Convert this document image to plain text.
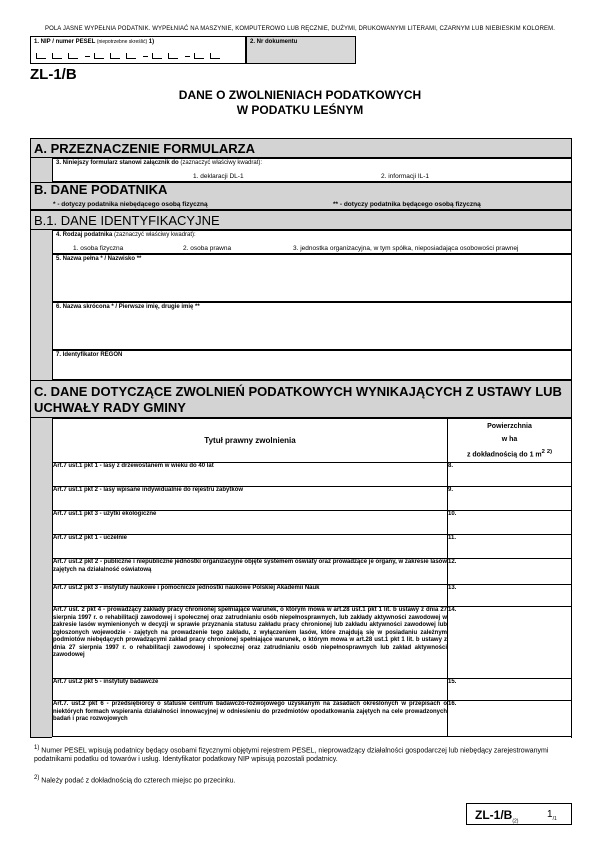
POLA JASNE WYPEŁNIA PODATNIK. WYPEŁNIAĆ NA MASZYNIE, KOMPUTEROWO LUB RĘCZNIE, DUŻYMI, DRUKOWANYMI LITERAMI, CZARNYM LUB NIEBIESKIM KOLOREM.
1. NIP / numer PESEL (niepotrzebne skreślić) 1)	2. Nr dokumentu
ZL-1/B
DANE O ZWOLNIENIACH PODATKOWYCH
W PODATKU LEŚNYM
A. PRZEZNACZENIE FORMULARZA
3. Niniejszy formularz stanowi załącznik do (zaznaczyć właściwy kwadrat):
1. deklaracji DL-1	2. informacji IL-1
B. DANE PODATNIKA
* - dotyczy podatnika niebędącego osobą fizyczną	** - dotyczy podatnika będącego osobą fizyczną
B.1. DANE IDENTYFIKACYJNE
4. Rodzaj podatnika (zaznaczyć właściwy kwadrat):
1. osoba fizyczna	2. osoba prawna	3. jednostka organizacyjna, w tym spółka, nieposiadająca osobowości prawnej
5. Nazwa pełna * / Nazwisko **
6. Nazwa skrócona * / Pierwsze imię, drugie imię **
7. Identyfikator REGON
C. DANE DOTYCZĄCE ZWOLNIEŃ PODATKOWYCH WYNIKAJĄCYCH Z USTAWY LUB
UCHWAŁY RADY GMINY
Tytuł prawny zwolnienia	Powierzchnia
w ha
z dokładnością do 1 $m^2$ $^{2)}$

Art.7 ust.1 pkt 1 - lasy z drzewostanem w wieku do 40 lat	8.
Art.7 ust.1 pkt 2 - lasy wpisane indywidualnie do rejestru zabytków	9.
Art.7 ust.1 pkt 3 - użytki ekologiczne	10.
Art.7 ust.2 pkt 1 - uczelnie	11.
Art.7 ust.2 pkt 2 - publiczne i niepubliczne jednostki organizacyjne objęte systemem oświaty oraz prowadzące je organy, w zakresie lasów zajętych na działalność oświatową	12.
Art.7 ust.2 pkt 3 - instytuty naukowe i pomocnicze jednostki naukowe Polskiej Akademii Nauk	13.
Art.7 ust. 2 pkt 4 - prowadzący zakłady pracy chronionej spełniające warunek, o którym mowa w art.28 ust.1 pkt 1 lit. b ustawy z dnia 27 sierpnia 1997 r. o rehabilitacji zawodowej i społecznej oraz zatrudnianiu osób niepełnosprawnych, lub zakłady aktywności zawodowej w zakresie lasów wymienionych w decyzji w sprawie przyznania statusu zakładu pracy chronionej lub zakładu aktywności zawodowej lub zgłoszonych wojewodzie - zajętych na prowadzenie tego zakładu, z wyłączeniem lasów, które znajdują się w posiadaniu zależnym podmiotów niebędących prowadzącymi zakład pracy chronionej spełniające warunek, o którym mowa w art.28 ust.1 pkt 1 lit. b ustawy z dnia 27 sierpnia 1997 r. o rehabilitacji zawodowej i społecznej oraz zatrudnianiu osób niepełnosprawnych lub zakład aktywności zawodowej	14.
Art.7 ust.2 pkt 5 - instytuty badawcze	15.
Art.7. ust.2 pkt 6 - przedsiębiorcy o statusie centrum badawczo-rozwojowego uzyskanym na zasadach określonych w przepisach o niektórych formach wspierania działalności innowacyjnej w odniesieniu do przedmiotów opodatkowania zajętych na cele prowadzonych badań i prac rozwojowych	16.
$^{1)}$ Numer PESEL wpisują podatnicy będący osobami fizycznymi objętymi rejestrem PESEL, nieprowadzący działalności gospodarczej lub niebędący zarejestrowanymi podatnikami podatku od towarów i usług. Identyfikator podatkowy NIP wpisują pozostali podatnicy.
$^{2)}$ Należy podać z dokładnością do czterech miejsc po przecinku.
$ZL-1/B_{(2)}$
$1_{/1}$
